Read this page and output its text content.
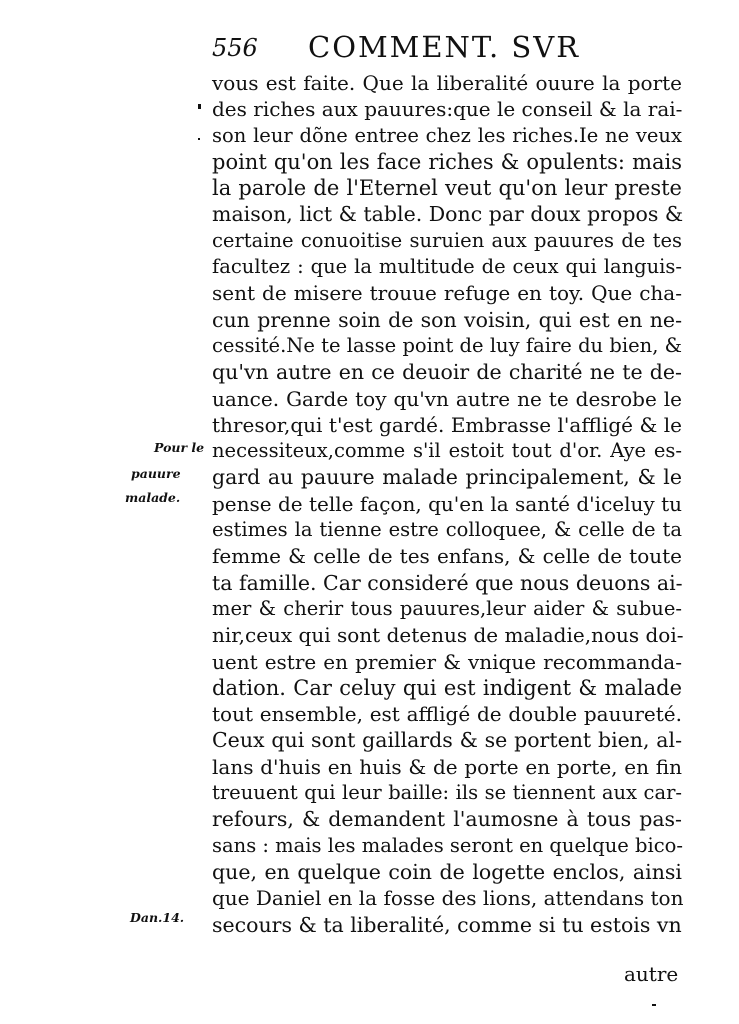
556 COMMENT. SVR
vous est faite. Que la liberalité ouure la porte
des riches aux pauures:que le conseil & la rai-
son leur dõne entree chez les riches.Ie ne veux
point qu'on les face riches & opulents: mais
la parole de l'Eternel veut qu'on leur preste
maison, lict & table. Donc par doux propos &
certaine conuoitise suruien aux pauures de tes
facultez : que la multitude de ceux qui languis-
sent de misere trouue refuge en toy. Que cha-
cun prenne soin de son voisin, qui est en ne-
cessité.Ne te lasse point de luy faire du bien, &
qu'vn autre en ce deuoir de charité ne te de-
uance. Garde toy qu'vn autre ne te desrobe le
thresor,qui t'est gardé. Embrasse l'affligé & le
necessiteux,comme s'il estoit tout d'or. Aye es-
gard au pauure malade principalement, & le
pense de telle façon, qu'en la santé d'iceluy tu
estimes la tienne estre colloquee, & celle de ta
femme & celle de tes enfans, & celle de toute
ta famille. Car consideré que nous deuons ai-
mer & cherir tous pauures,leur aider & subue-
nir,ceux qui sont detenus de maladie,nous doi-
uent estre en premier & vnique recommanda-
dation. Car celuy qui est indigent & malade
tout ensemble, est affligé de double pauureté.
Ceux qui sont gaillards & se portent bien, al-
lans d'huis en huis & de porte en porte, en fin
treuuent qui leur baille: ils se tiennent aux car-
refours, & demandent l'aumosne à tous pas-
sans : mais les malades seront en quelque bico-
que, en quelque coin de logette enclos, ainsi
que Daniel en la fosse des lions, attendans ton
secours & ta liberalité, comme si tu estois vn
Pour le
pauure
malade.
Dan.14.
autre
